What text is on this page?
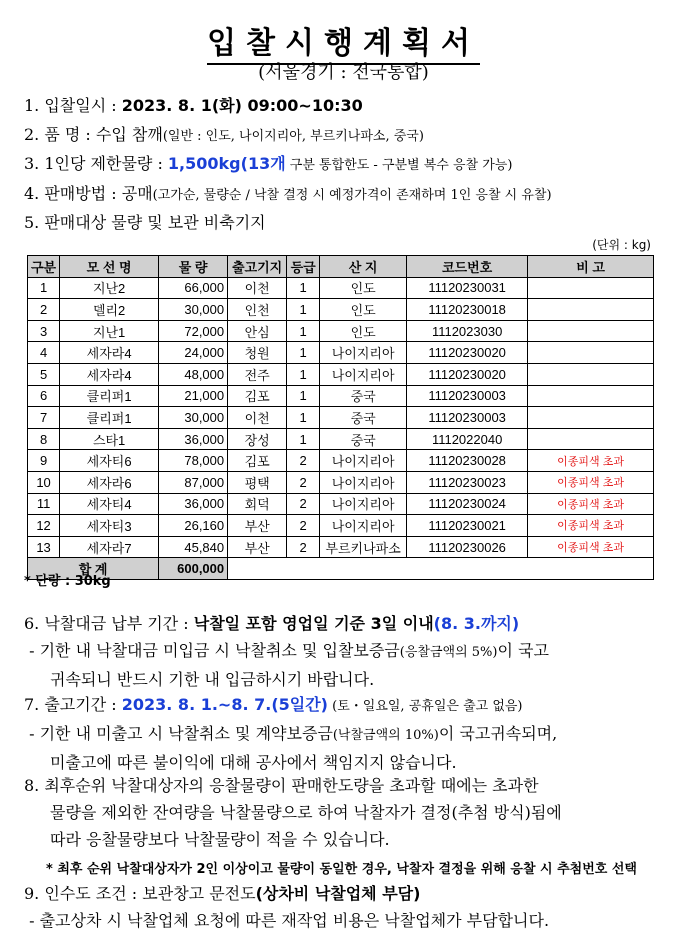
입찰시행계획서
(서울경기 : 전국통합)
1. 입찰일시 : 2023. 8. 1(화) 09:00~10:30
2. 품 명 : 수입 참깨(일반 : 인도, 나이지리아, 부르키나파소, 중국)
3. 1인당 제한물량 : 1,500kg(13개 구분 통합한도 - 구분별 복수 응찰 가능)
4. 판매방법 : 공매(고가순, 물량순 / 낙찰 결정 시 예정가격이 존재하며 1인 응찰 시 유찰)
5. 판매대상 물량 및 보관 비축기지
(단위 : kg)
구분	모 선 명	물 량	출고기지	등급	산 지	코드번호	비 고
1	지난2	66,000	이천	1	인도	11120230031	
2	델리2	30,000	인천	1	인도	11120230018	
3	지난1	72,000	안심	1	인도	1112023030	
4	세자라4	24,000	청원	1	나이지리아	11120230020	
5	세자라4	48,000	전주	1	나이지리아	11120230020	
6	클리퍼1	21,000	김포	1	중국	11120230003	
7	클리퍼1	30,000	이천	1	중국	11120230003	
8	스타1	36,000	장성	1	중국	1112022040	
9	세자티6	78,000	김포	2	나이지리아	11120230028	이종피색 초과
10	세자라6	87,000	평택	2	나이지리아	11120230023	이종피색 초과
11	세자티4	36,000	회덕	2	나이지리아	11120230024	이종피색 초과
12	세자티3	26,160	부산	2	나이지리아	11120230021	이종피색 초과
13	세자라7	45,840	부산	2	부르키나파소	11120230026	이종피색 초과
합 계		600,000					
* 단량 : 30kg
6. 낙찰대금 납부 기간 : 낙찰일 포함 영업일 기준 3일 이내(8. 3.까지)
- 기한 내 낙찰대금 미입금 시 낙찰취소 및 입찰보증금(응찰금액의 5%)이 국고
귀속되니 반드시 기한 내 입금하시기 바랍니다.
7. 출고기간 : 2023. 8. 1.~8. 7.(5일간) (토・일요일, 공휴일은 출고 없음)
- 기한 내 미출고 시 낙찰취소 및 계약보증금(낙찰금액의 10%)이 국고귀속되며,
미출고에 따른 불이익에 대해 공사에서 책임지지 않습니다.
8. 최후순위 낙찰대상자의 응찰물량이 판매한도량을 초과할 때에는 초과한
물량을 제외한 잔여량을 낙찰물량으로 하여 낙찰자가 결정(추첨 방식)됨에
따라 응찰물량보다 낙찰물량이 적을 수 있습니다.
* 최후 순위 낙찰대상자가 2인 이상이고 물량이 동일한 경우, 낙찰자 결정을 위해 응찰 시 추첨번호 선택
9. 인수도 조건 : 보관창고 문전도(상차비 낙찰업체 부담)
- 출고상차 시 낙찰업체 요청에 따른 재작업 비용은 낙찰업체가 부담합니다.
